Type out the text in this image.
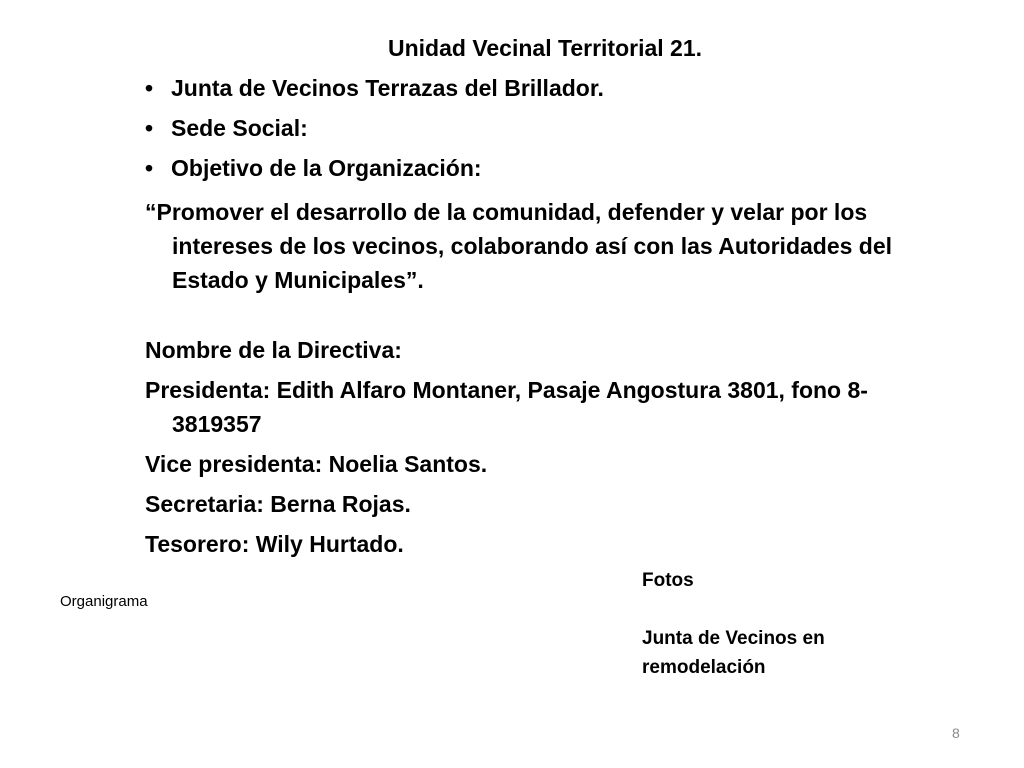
Unidad Vecinal Territorial 21.
• Junta de Vecinos Terrazas del Brillador.
• Sede Social:
• Objetivo de la Organización:

“Promover el desarrollo de la comunidad, defender y velar por los intereses de los vecinos, colaborando así con las Autoridades del Estado y Municipales”.

Nombre de la Directiva:

Presidenta: Edith Alfaro Montaner, Pasaje Angostura 3801, fono 8-3819357

Vice presidenta: Noelia Santos.

Secretaria: Berna Rojas.

Tesorero: Wily Hurtado.

Organigrama
Fotos
Junta de Vecinos en remodelación
8
